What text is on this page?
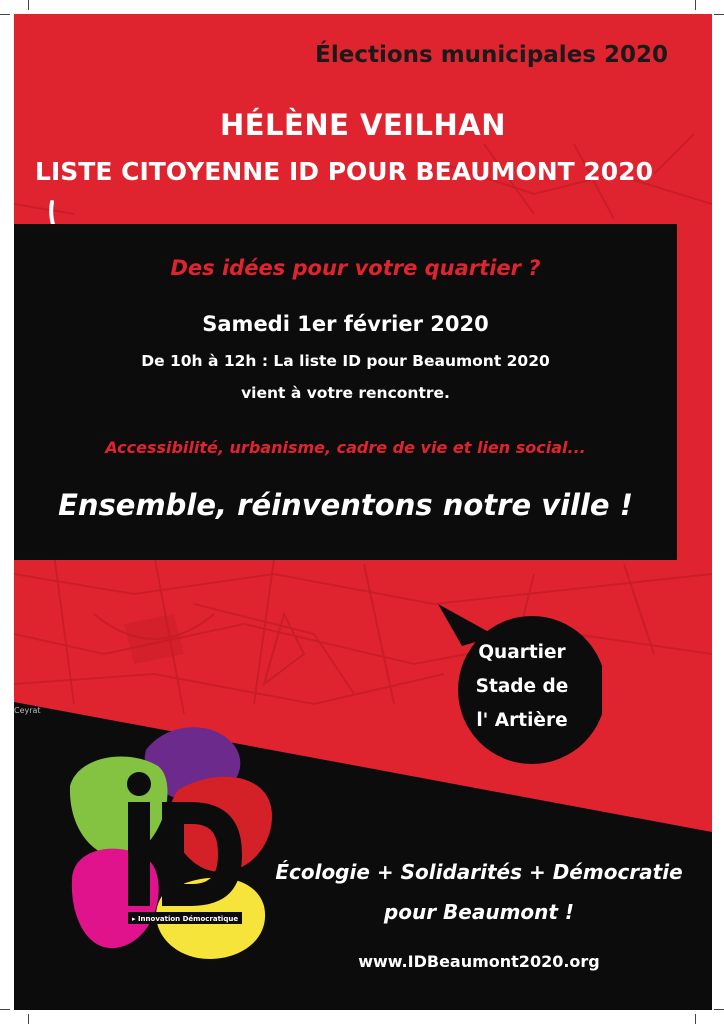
Ceyrat
Élections municipales 2020
HÉLÈNE VEILHAN
LISTE CITOYENNE ID POUR BEAUMONT 2020
Des idées pour votre quartier ?
Samedi 1er février 2020
De 10h à 12h : La liste ID pour Beaumont 2020
vient à votre rencontre.
Accessibilité, urbanisme, cadre de vie et lien social...
Ensemble, réinventons notre ville !
Quartier
Stade de
l' Artière
▸ Innovation Démocratique
Écologie + Solidarités + Démocratie
pour Beaumont !
www.IDBeaumont2020.org
